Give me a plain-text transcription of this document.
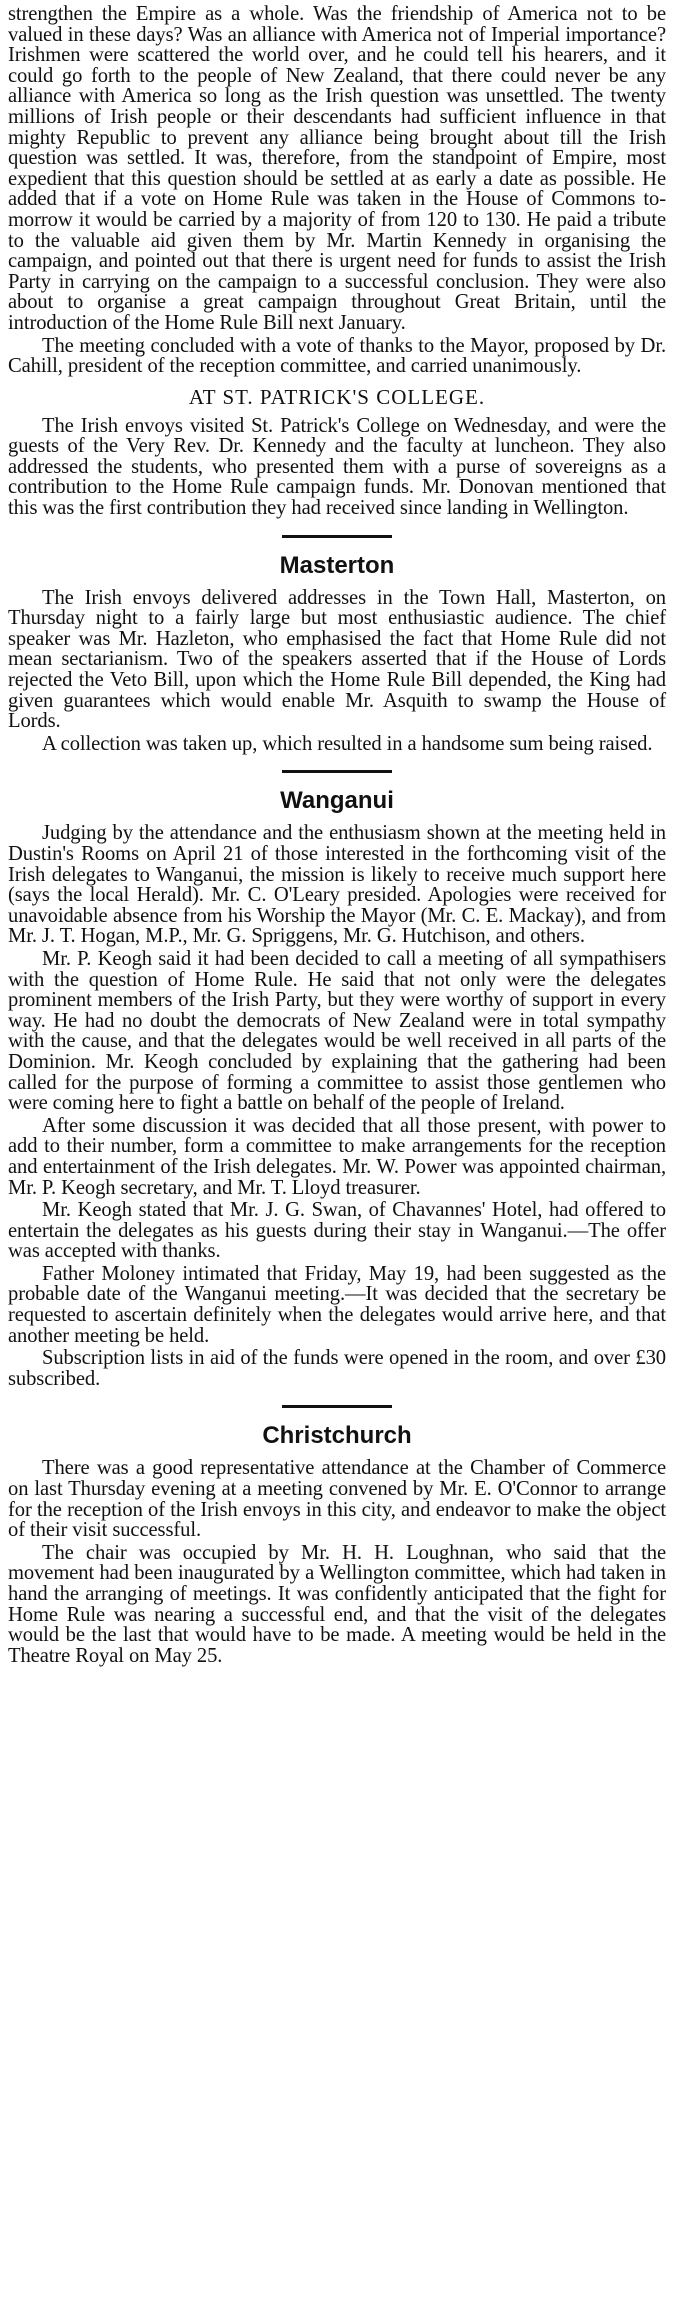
strengthen the Empire as a whole. Was the friendship of America not to be valued in these days? Was an alliance with America not of Imperial importance? Irishmen were scattered the world over, and he could tell his hearers, and it could go forth to the people of New Zealand, that there could never be any alliance with America so long as the Irish question was unsettled. The twenty millions of Irish people or their descendants had sufficient influence in that mighty Republic to prevent any alliance being brought about till the Irish question was settled. It was, therefore, from the standpoint of Empire, most expedient that this question should be settled at as early a date as possible. He added that if a vote on Home Rule was taken in the House of Commons to-morrow it would be carried by a majority of from 120 to 130. He paid a tribute to the valuable aid given them by Mr. Martin Kennedy in organising the campaign, and pointed out that there is urgent need for funds to assist the Irish Party in carrying on the campaign to a successful conclusion. They were also about to organise a great campaign throughout Great Britain, until the introduction of the Home Rule Bill next January.

The meeting concluded with a vote of thanks to the Mayor, proposed by Dr. Cahill, president of the reception committee, and carried unanimously.

AT ST. PATRICK'S COLLEGE.

The Irish envoys visited St. Patrick's College on Wednesday, and were the guests of the Very Rev. Dr. Kennedy and the faculty at luncheon. They also addressed the students, who presented them with a purse of sovereigns as a contribution to the Home Rule campaign funds. Mr. Donovan mentioned that this was the first contribution they had received since landing in Wellington.

Masterton

The Irish envoys delivered addresses in the Town Hall, Masterton, on Thursday night to a fairly large but most enthusiastic audience. The chief speaker was Mr. Hazleton, who emphasised the fact that Home Rule did not mean sectarianism. Two of the speakers asserted that if the House of Lords rejected the Veto Bill, upon which the Home Rule Bill depended, the King had given guarantees which would enable Mr. Asquith to swamp the House of Lords.

A collection was taken up, which resulted in a handsome sum being raised.

Wanganui

Judging by the attendance and the enthusiasm shown at the meeting held in Dustin's Rooms on April 21 of those interested in the forthcoming visit of the Irish delegates to Wanganui, the mission is likely to receive much support here (says the local Herald). Mr. C. O'Leary presided. Apologies were received for unavoidable absence from his Worship the Mayor (Mr. C. E. Mackay), and from Mr. J. T. Hogan, M.P., Mr. G. Spriggens, Mr. G. Hutchison, and others.

Mr. P. Keogh said it had been decided to call a meeting of all sympathisers with the question of Home Rule. He said that not only were the delegates prominent members of the Irish Party, but they were worthy of support in every way. He had no doubt the democrats of New Zealand were in total sympathy with the cause, and that the delegates would be well received in all parts of the Dominion. Mr. Keogh concluded by explaining that the gathering had been called for the purpose of forming a committee to assist those gentlemen who were coming here to fight a battle on behalf of the people of Ireland.

After some discussion it was decided that all those present, with power to add to their number, form a committee to make arrangements for the reception and entertainment of the Irish delegates. Mr. W. Power was appointed chairman, Mr. P. Keogh secretary, and Mr. T. Lloyd treasurer.

Mr. Keogh stated that Mr. J. G. Swan, of Chavannes' Hotel, had offered to entertain the delegates as his guests during their stay in Wanganui.—The offer was accepted with thanks.

Father Moloney intimated that Friday, May 19, had been suggested as the probable date of the Wanganui meeting.—It was decided that the secretary be requested to ascertain definitely when the delegates would arrive here, and that another meeting be held.

Subscription lists in aid of the funds were opened in the room, and over £30 subscribed.

Christchurch

There was a good representative attendance at the Chamber of Commerce on last Thursday evening at a meeting convened by Mr. E. O'Connor to arrange for the reception of the Irish envoys in this city, and endeavor to make the object of their visit successful.

The chair was occupied by Mr. H. H. Loughnan, who said that the movement had been inaugurated by a Wellington committee, which had taken in hand the arranging of meetings. It was confidently anticipated that the fight for Home Rule was nearing a successful end, and that the visit of the delegates would be the last that would have to be made. A meeting would be held in the Theatre Royal on May 25.
